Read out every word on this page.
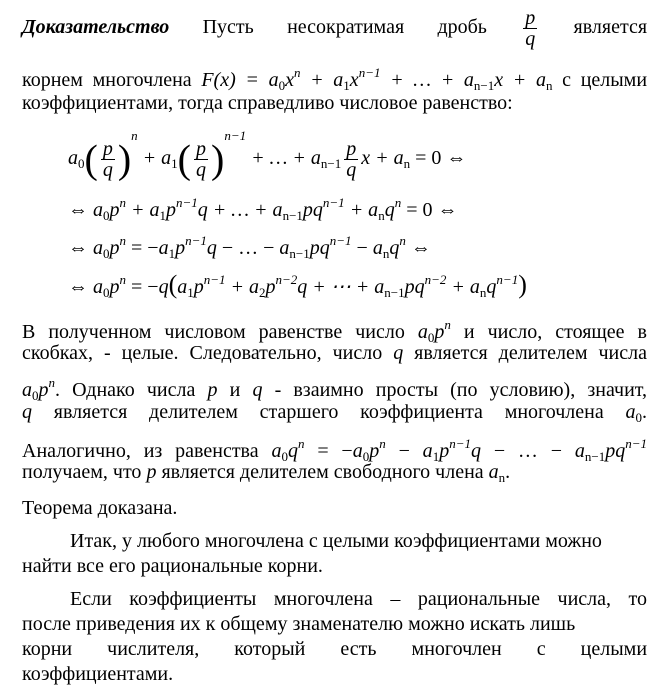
Доказательство Пусть несократимая дробь $\frac{p}{q}$ является
корнем многочлена $F(x) = a_0x^n + a_1x^{n-1}$ + … + $a_{n-1}x + a_n$ с целыми
коэффициентами, тогда справедливо числовое равенство:
$a_0( \frac{p}{q} )^n + a_1( \frac{p}{q} )^{n-1}$ + … + $a_{n-1} \frac{p}{q}$ $x + a_n = 0$ ⇔
⇔ $a_0p^n + a_1p^{n-1}q$ + … + $a_{n-1}pq^{n-1} + a_nq^n = 0$ ⇔
⇔ $a_0p^n = -a_1p^{n-1}q$ − … − $a_{n-1}pq^{n-1} - a_nq^n$ ⇔
⇔ $a_0p^n = -q(a_1p^{n-1} + a_2p^{n-2}q$ + ⋯ + $a_{n-1}pq^{n-2} + a_nq^{n-1}$)
В полученном числовом равенстве число $a_0p^n$ и число, стоящее в
скобках, - целые. Следовательно, число q является делителем числа
$a_0p^n$. Однако числа p и q - взаимно просты (по условию), значит,
q является делителем старшего коэффициента многочлена $a_0$.
Аналогично, из равенства $a_0q^n = -a_0p^n - a_1p^{n-1}q$ − … − $a_{n-1}pq^{n-1}$
получаем, что p является делителем свободного члена $a_n$.
Теорема доказана.
Итак, у любого многочлена с целыми коэффициентами можно
найти все его рациональные корни.
Если коэффициенты многочлена – рациональные числа, то
после приведения их к общему знаменателю можно искать лишь
корни числителя, который есть многочлен с целыми
коэффициентами.
